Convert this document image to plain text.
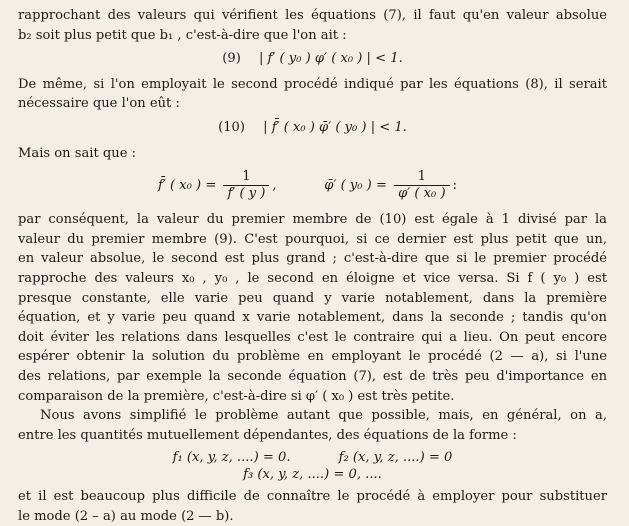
rapprochant des valeurs qui vérifient les équations (7), il faut qu'en valeur absolue
b₂ soit plus petit que b₁ , c'est-à-dire que l'on ait :

(9) | f′ ( y₀ ) φ′ ( x₀ ) | < 1.

De même, si l'on employait le second procédé indiqué par les équations (8), il serait
nécessaire que l'on eût :

(10) | f̄′ ( x₀ ) φ̄′ ( y₀ ) | < 1.

Mais on sait que :

f̄′ ( x₀ ) = $\frac{1}{f' ( y )}$ ,	φ̄′ ( y₀ ) = $\frac{1}{\text{φ′ ( x₀ )}}$ :

par conséquent, la valeur du premier membre de (10) est égale à 1 divisé par la
valeur du premier membre (9). C'est pourquoi, si ce dernier est plus petit que un,
en valeur absolue, le second est plus grand ; c'est-à-dire que si le premier procédé
rapproche des valeurs x₀ , y₀ , le second en éloigne et vice versa. Si f ( y₀ ) est
presque constante, elle varie peu quand y varie notablement, dans la première
équation, et y varie peu quand x varie notablement, dans la seconde ; tandis qu'on
doit éviter les relations dans lesquelles c'est le contraire qui a lieu. On peut encore
espérer obtenir la solution du problème en employant le procédé (2 — a), si l'une
des relations, par exemple la seconde équation (7), est de très peu d'importance en
comparaison de la première, c'est-à-dire si φ′ ( x₀ ) est très petite.

Nous avons simplifié le problème autant que possible, mais, en général, on a,
entre les quantités mutuellement dépendantes, des équations de la forme :

f₁ (x, y, z, ....) = 0.	f₂ (x, y, z, ....) = 0
f₃ (x, y, z, ....) = 0, ....

et il est beaucoup plus difficile de connaître le procédé à employer pour substituer
le mode (2 – a) au mode (2 — b).
